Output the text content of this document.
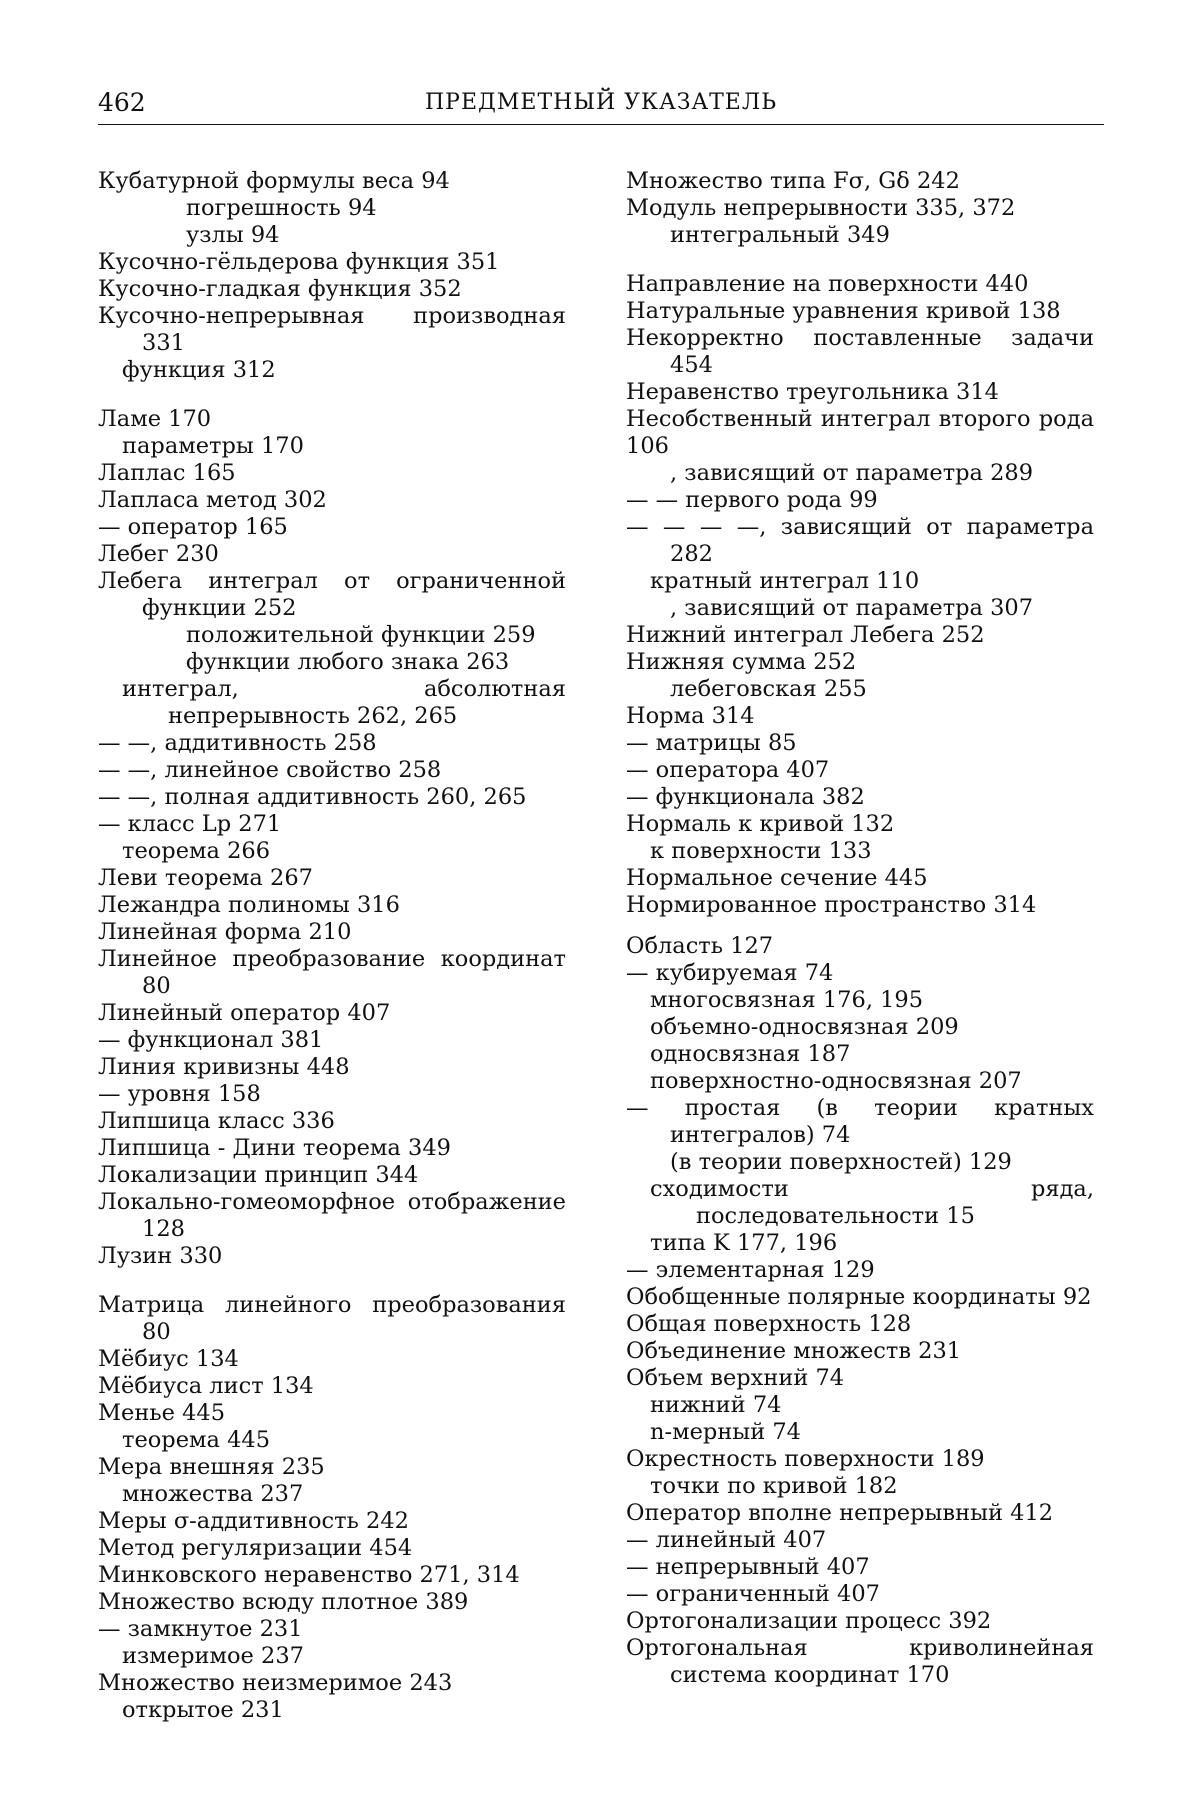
462	ПРЕДМЕТНЫЙ УКАЗАТЕЛЬ
Кубатурной формулы веса 94
погрешность 94
узлы 94
Кусочно-гёльдерова функция 351
Кусочно-гладкая функция 352
Кусочно-непрерывная производная 331
функция 312
Ламе 170
параметры 170
Лаплас 165
Лапласа метод 302
— оператор 165
Лебег 230
Лебега интеграл от ограниченной функции 252
положительной функции 259
функции любого знака 263
интеграл, абсолютная непрерывность 262, 265
— —, аддитивность 258
— —, линейное свойство 258
— —, полная аддитивность 260, 265
— класс Lp 271
теорема 266
Леви теорема 267
Лежандра полиномы 316
Линейная форма 210
Линейное преобразование координат 80
Линейный оператор 407
— функционал 381
Линия кривизны 448
— уровня 158
Липшица класс 336
Липшица - Дини теорема 349
Локализации принцип 344
Локально-гомеоморфное отображение 128
Лузин 330
Матрица линейного преобразования 80
Мёбиус 134
Мёбиуса лист 134
Менье 445
теорема 445
Мера внешняя 235
множества 237
Меры σ-аддитивность 242
Метод регуляризации 454
Минковского неравенство 271, 314
Множество всюду плотное 389
— замкнутое 231
измеримое 237
Множество неизмеримое 243
открытое 231
Множество типа Fσ, Gδ 242
Модуль непрерывности 335, 372
интегральный 349
Направление на поверхности 440
Натуральные уравнения кривой 138
Некорректно поставленные задачи 454
Неравенство треугольника 314
Несобственный интеграл второго рода 106
, зависящий от параметра 289
— — первого рода 99
— — — —, зависящий от параметра 282
кратный интеграл 110
, зависящий от параметра 307
Нижний интеграл Лебега 252
Нижняя сумма 252
лебеговская 255
Норма 314
— матрицы 85
— оператора 407
— функционала 382
Нормаль к кривой 132
к поверхности 133
Нормальное сечение 445
Нормированное пространство 314
Область 127
— кубируемая 74
многосвязная 176, 195
объемно-односвязная 209
односвязная 187
поверхностно-односвязная 207
— простая (в теории кратных интегралов) 74
(в теории поверхностей) 129
сходимости ряда, последовательности 15
типа K 177, 196
— элементарная 129
Обобщенные полярные координаты 92
Общая поверхность 128
Объединение множеств 231
Объем верхний 74
нижний 74
n-мерный 74
Окрестность поверхности 189
точки по кривой 182
Оператор вполне непрерывный 412
— линейный 407
— непрерывный 407
— ограниченный 407
Ортогонализации процесс 392
Ортогональная криволинейная система координат 170
